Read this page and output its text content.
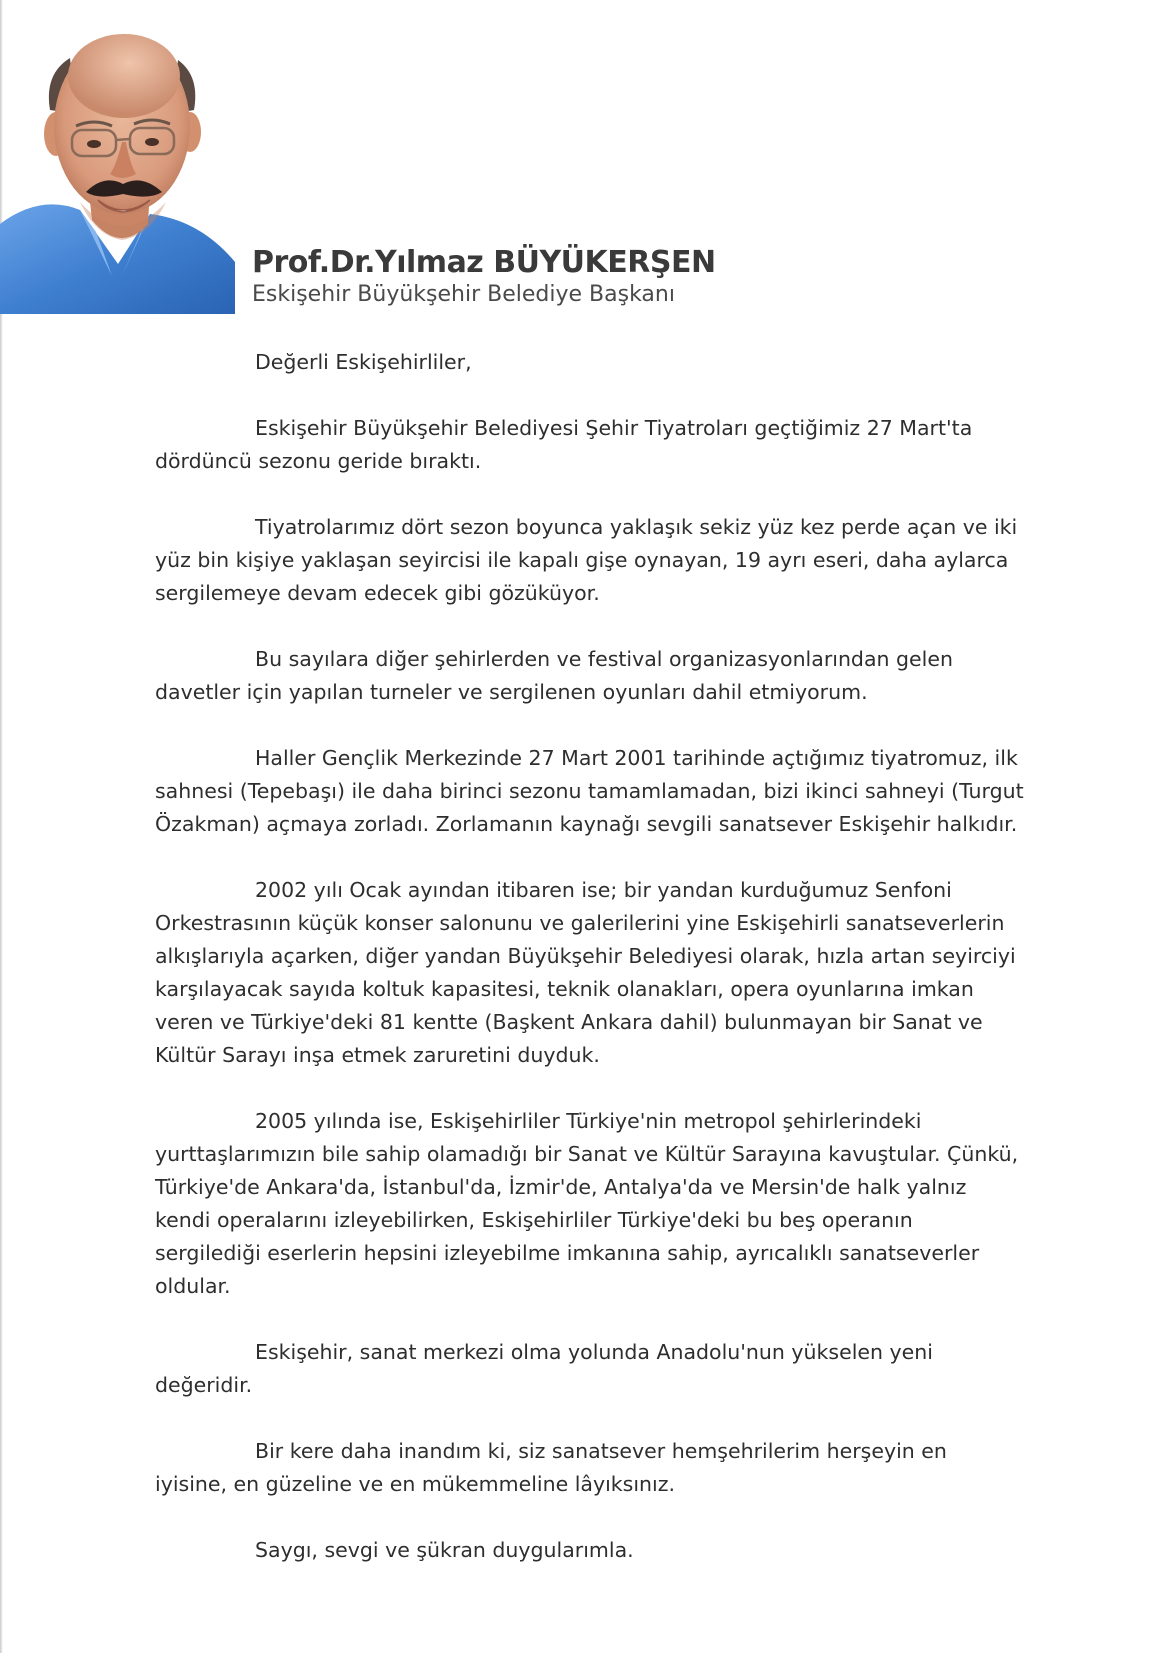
Prof.Dr.Yılmaz BÜYÜKERŞEN

Eskişehir Büyükşehir Belediye Başkanı

Değerli Eskişehirliler,

Eskişehir Büyükşehir Belediyesi Şehir Tiyatroları geçtiğimiz 27 Mart'ta dördüncü sezonu geride bıraktı.

Tiyatrolarımız dört sezon boyunca yaklaşık sekiz yüz kez perde açan ve iki yüz bin kişiye yaklaşan seyircisi ile kapalı gişe oynayan, 19 ayrı eseri, daha aylarca sergilemeye devam edecek gibi gözüküyor.

Bu sayılara diğer şehirlerden ve festival organizasyonlarından gelen davetler için yapılan turneler ve sergilenen oyunları dahil etmiyorum.

Haller Gençlik Merkezinde 27 Mart 2001 tarihinde açtığımız tiyatromuz, ilk sahnesi (Tepebaşı) ile daha birinci sezonu tamamlamadan, bizi ikinci sahneyi (Turgut Özakman) açmaya zorladı. Zorlamanın kaynağı sevgili sanatsever Eskişehir halkıdır.

2002 yılı Ocak ayından itibaren ise; bir yandan kurduğumuz Senfoni Orkestrasının küçük konser salonunu ve galerilerini yine Eskişehirli sanatseverlerin alkışlarıyla açarken, diğer yandan Büyükşehir Belediyesi olarak, hızla artan seyirciyi karşılayacak sayıda koltuk kapasitesi, teknik olanakları, opera oyunlarına imkan veren ve Türkiye'deki 81 kentte (Başkent Ankara dahil) bulunmayan bir Sanat ve Kültür Sarayı inşa etmek zaruretini duyduk.

2005 yılında ise, Eskişehirliler Türkiye'nin metropol şehirlerindeki yurttaşlarımızın bile sahip olamadığı bir Sanat ve Kültür Sarayına kavuştular. Çünkü, Türkiye'de Ankara'da, İstanbul'da, İzmir'de, Antalya'da ve Mersin'de halk yalnız kendi operalarını izleyebilirken, Eskişehirliler Türkiye'deki bu beş operanın sergilediği eserlerin hepsini izleyebilme imkanına sahip, ayrıcalıklı sanatseverler oldular.

Eskişehir, sanat merkezi olma yolunda Anadolu'nun yükselen yeni değeridir.

Bir kere daha inandım ki, siz sanatsever hemşehrilerim herşeyin en iyisine, en güzeline ve en mükemmeline lâyıksınız.

Saygı, sevgi ve şükran duygularımla.
